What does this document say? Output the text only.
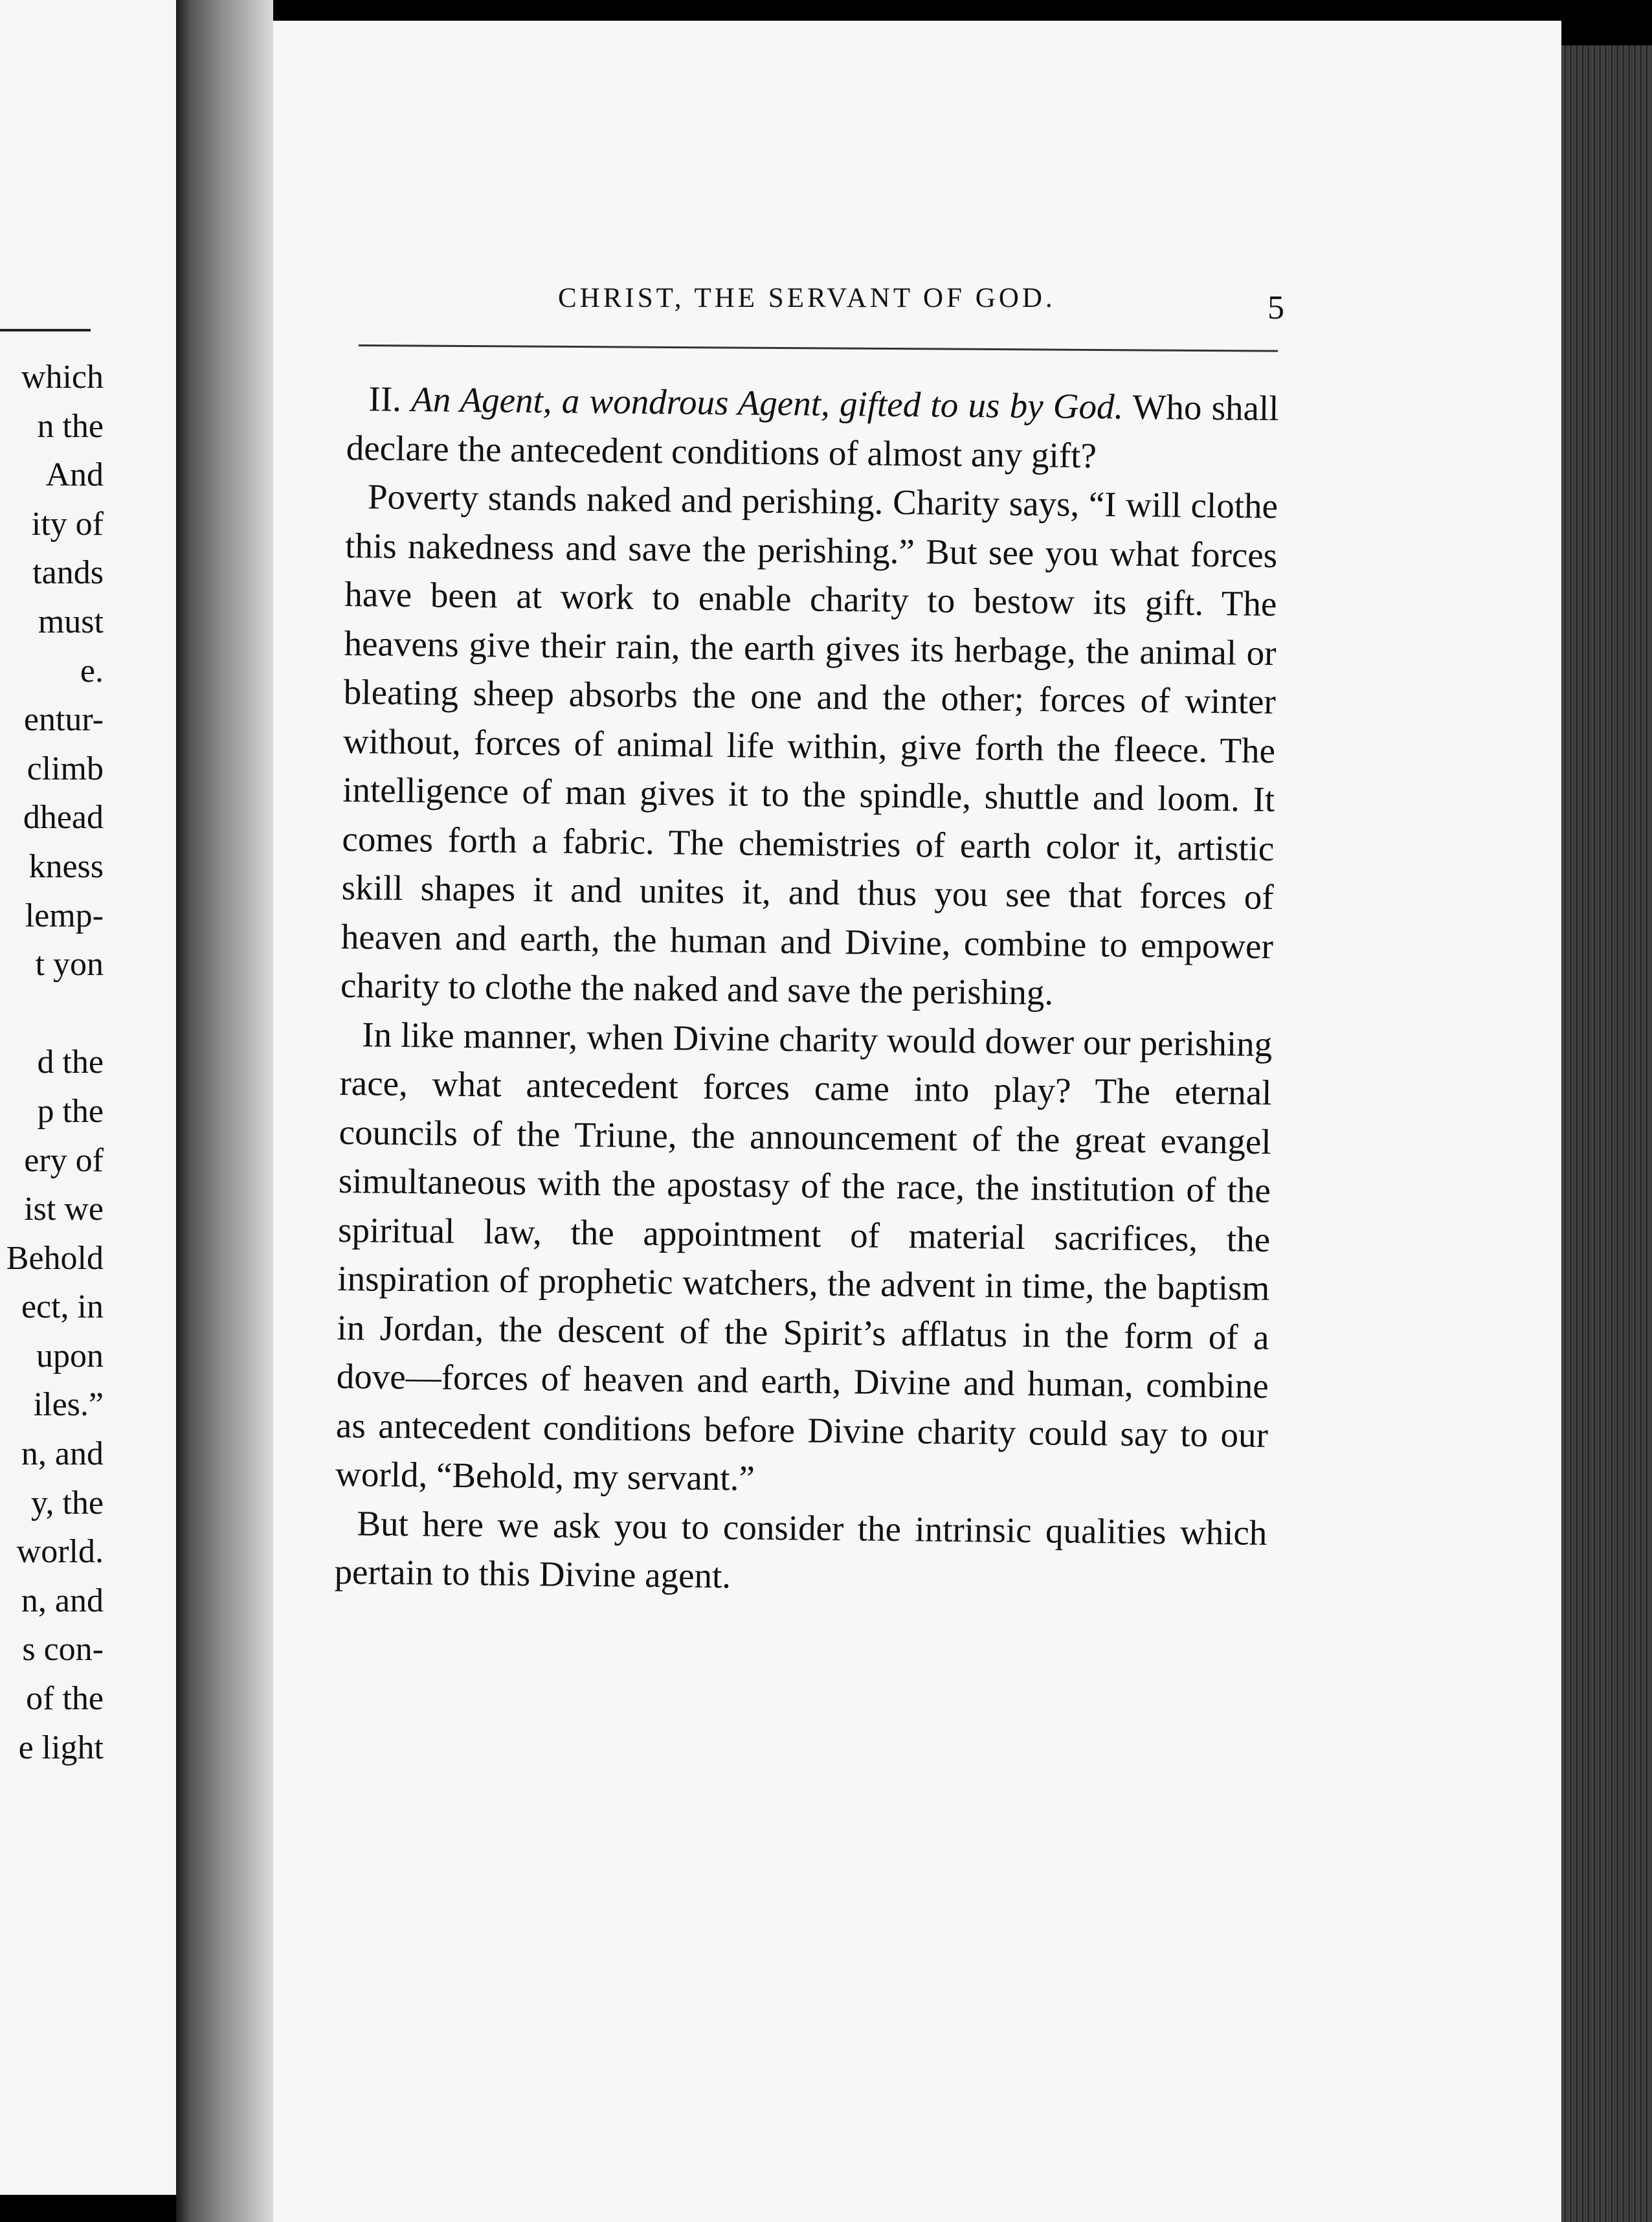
which
n the
And
ity of
tands
must
e.
entur-
climb
dhead
kness
lemp-
t yon
d the
p the
ery of
ist we
Behold
ect, in
upon
iles.”
n, and
y, the
world.
n, and
s con-
of the
e light
CHRIST, THE SERVANT OF GOD.	5

II. An Agent, a wondrous Agent, gifted to us by God. Who shall declare the antecedent conditions of almost any gift?

Poverty stands naked and perishing. Charity says, “I will clothe this nakedness and save the perishing.” But see you what forces have been at work to enable charity to bestow its gift. The heavens give their rain, the earth gives its herbage, the animal or bleating sheep absorbs the one and the other; forces of winter without, forces of animal life within, give forth the fleece. The intelligence of man gives it to the spindle, shuttle and loom. It comes forth a fabric. The chemistries of earth color it, artistic skill shapes it and unites it, and thus you see that forces of heaven and earth, the human and Divine, combine to empower charity to clothe the naked and save the perishing.

In like manner, when Divine charity would dower our perishing race, what antecedent forces came into play? The eternal councils of the Triune, the announcement of the great evangel simultaneous with the apostasy of the race, the institution of the spiritual law, the appointment of material sacrifices, the inspiration of prophetic watchers, the advent in time, the baptism in Jordan, the descent of the Spirit’s afflatus in the form of a dove—forces of heaven and earth, Divine and human, combine as antecedent conditions before Divine charity could say to our world, “Behold, my servant.”

But here we ask you to consider the intrinsic qualities which pertain to this Divine agent.
